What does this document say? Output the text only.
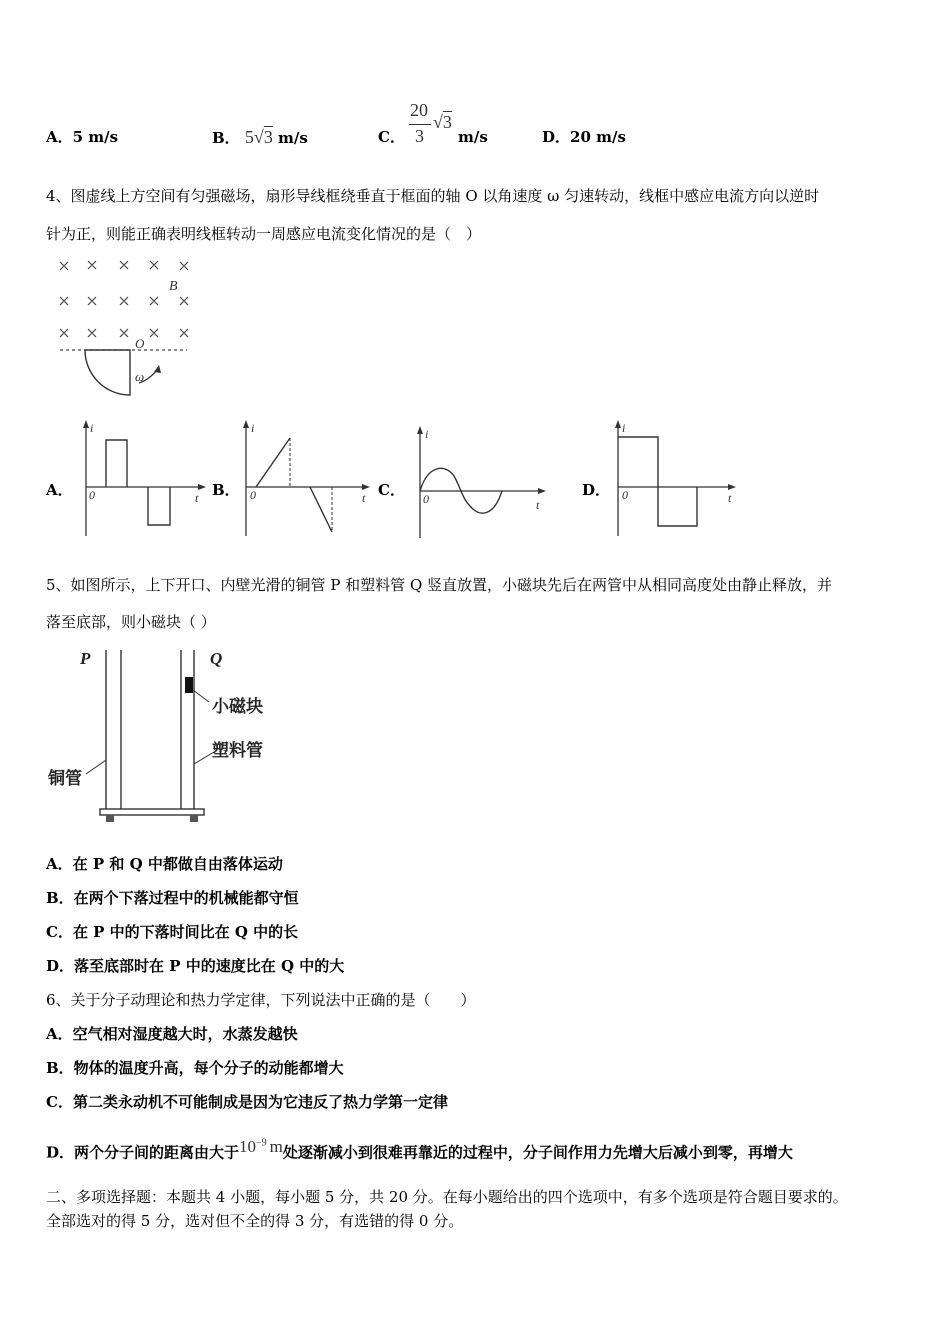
A．5 m/s	B． 5√3 m/s	C．
20
3
√3
m/s	D．20 m/s
4、图虚线上方空间有匀强磁场，扇形导线框绕垂直于框面的轴 O 以角速度 ω 匀速转动，线框中感应电流方向以逆时
针为正，则能正确表明线框转动一周感应电流变化情况的是（　）
B
O
ω
A．
i
t
0	B．
i
t
0	C．
i
t
0	D．
i
t
0
5、如图所示，上下开口、内壁光滑的铜管 P 和塑料管 Q 竖直放置，小磁块先后在两管中从相同高度处由静止释放，并
落至底部，则小磁块（ ）
P	Q
小磁块
塑料管
铜管
A．在 P 和 Q 中都做自由落体运动
B．在两个下落过程中的机械能都守恒
C．在 P 中的下落时间比在 Q 中的长
D．落至底部时在 P 中的速度比在 Q 中的大
6、关于分子动理论和热力学定律，下列说法中正确的是（　　）
A．空气相对湿度越大时，水蒸发越快
B．物体的温度升高，每个分子的动能都增大
C．第二类永动机不可能制成是因为它违反了热力学第一定律
D．两个分子间的距离由大于$10^{-9}$ m处逐渐减小到很难再靠近的过程中，分子间作用力先增大后减小到零，再增大
二、多项选择题：本题共 4 小题，每小题 5 分，共 20 分。在每小题给出的四个选项中，有多个选项是符合题目要求的。
全部选对的得 5 分，选对但不全的得 3 分，有选错的得 0 分。
